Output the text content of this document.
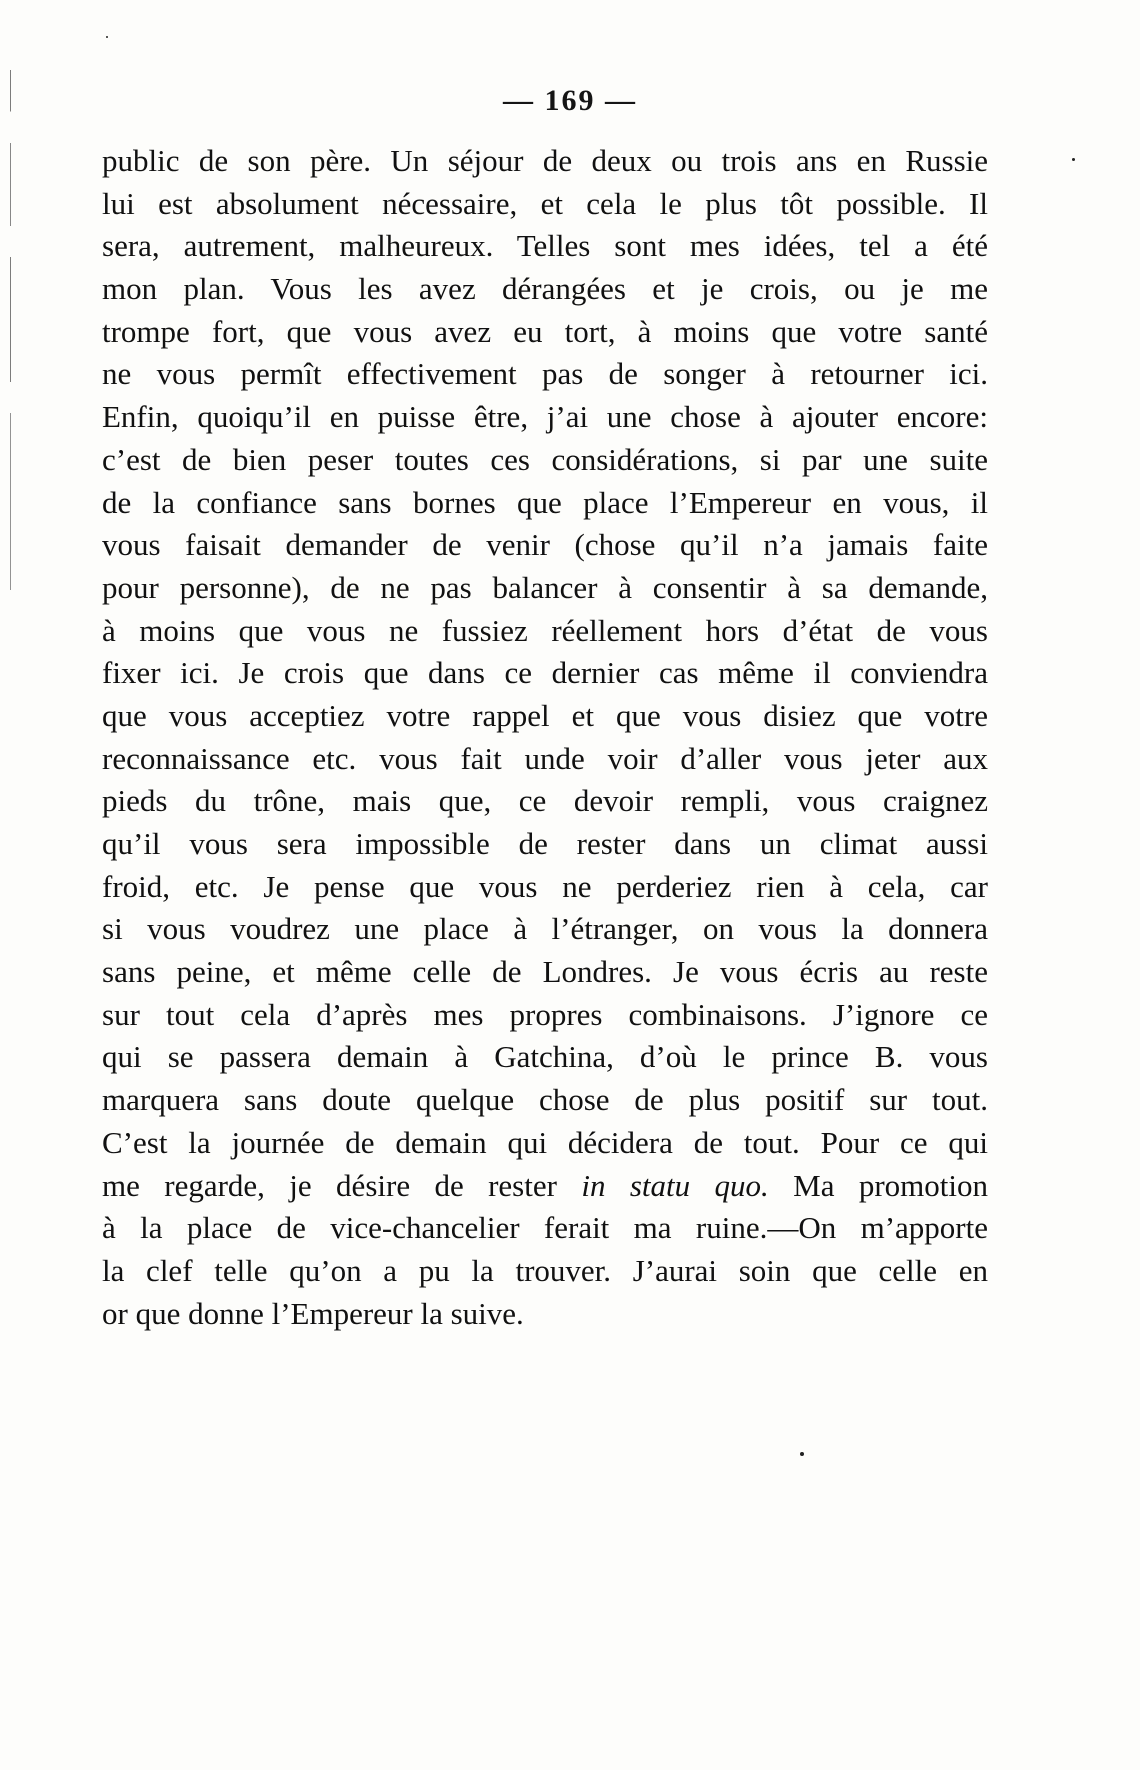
— 169 —
public de son père. Un séjour de deux ou trois ans en Russie
lui est absolument nécessaire, et cela le plus tôt possible. Il
sera, autrement, malheureux. Telles sont mes idées, tel a été
mon plan. Vous les avez dérangées et je crois, ou je me
trompe fort, que vous avez eu tort, à moins que votre santé
ne vous permît effectivement pas de songer à retourner ici.
Enfin, quoiqu’il en puisse être, j’ai une chose à ajouter encore:
c’est de bien peser toutes ces considérations, si par une suite
de la confiance sans bornes que place l’Empereur en vous, il
vous faisait demander de venir (chose qu’il n’a jamais faite
pour personne), de ne pas balancer à consentir à sa demande,
à moins que vous ne fussiez réellement hors d’état de vous
fixer ici. Je crois que dans ce dernier cas même il conviendra
que vous acceptiez votre rappel et que vous disiez que votre
reconnaissance etc. vous fait unde voir d’aller vous jeter aux
pieds du trône, mais que, ce devoir rempli, vous craignez
qu’il vous sera impossible de rester dans un climat aussi
froid, etc. Je pense que vous ne perderiez rien à cela, car
si vous voudrez une place à l’étranger, on vous la donnera
sans peine, et même celle de Londres. Je vous écris au reste
sur tout cela d’après mes propres combinaisons. J’ignore ce
qui se passera demain à Gatchina, d’où le prince B. vous
marquera sans doute quelque chose de plus positif sur tout.
C’est la journée de demain qui décidera de tout. Pour ce qui
me regarde, je désire de rester in statu quo. Ma promotion
à la place de vice-chancelier ferait ma ruine.—On m’apporte
la clef telle qu’on a pu la trouver. J’aurai soin que celle en
or que donne l’Empereur la suive.
